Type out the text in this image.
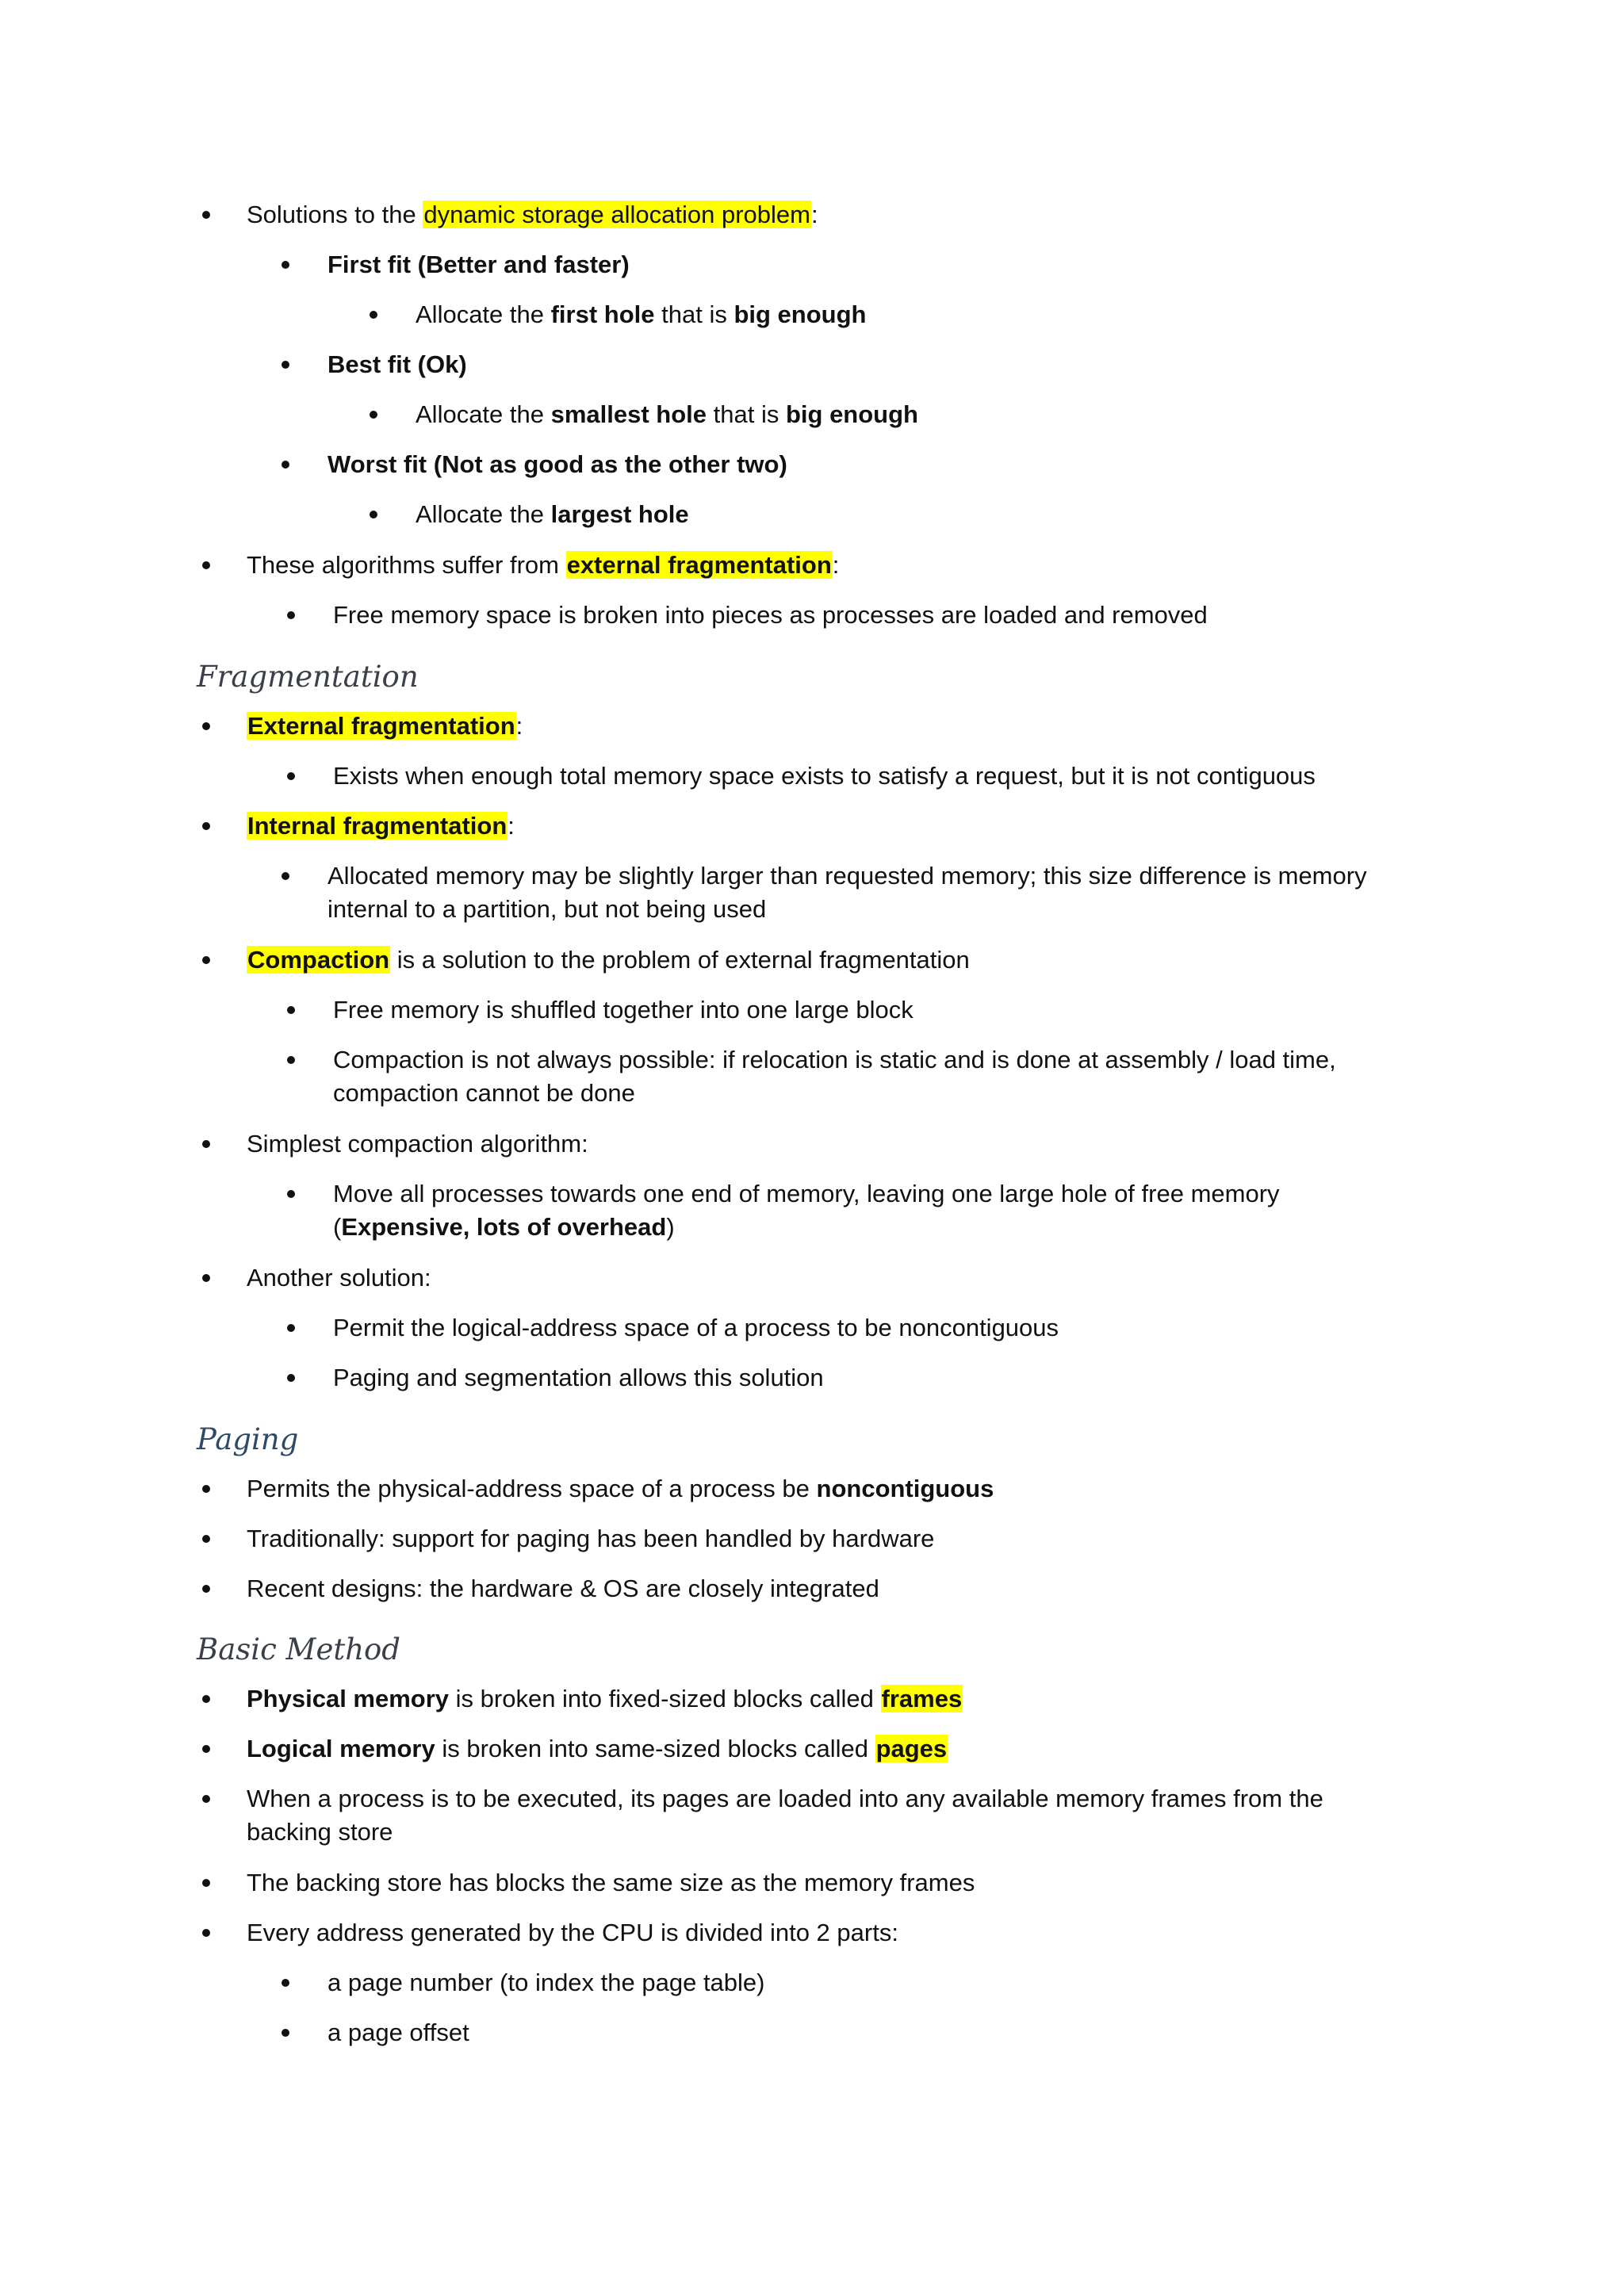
Solutions to the dynamic storage allocation problem:
First fit (Better and faster)
Allocate the first hole that is big enough
Best fit (Ok)
Allocate the smallest hole that is big enough
Worst fit (Not as good as the other two)
Allocate the largest hole
These algorithms suffer from external fragmentation:
Free memory space is broken into pieces as processes are loaded and removed
Fragmentation
External fragmentation:
Exists when enough total memory space exists to satisfy a request, but it is not contiguous
Internal fragmentation:
Allocated memory may be slightly larger than requested memory; this size difference is memory
internal to a partition, but not being used
Compaction is a solution to the problem of external fragmentation
Free memory is shuffled together into one large block
Compaction is not always possible: if relocation is static and is done at assembly / load time,
compaction cannot be done
Simplest compaction algorithm:
Move all processes towards one end of memory, leaving one large hole of free memory
(Expensive, lots of overhead)
Another solution:
Permit the logical-address space of a process to be noncontiguous
Paging and segmentation allows this solution
Paging
Permits the physical-address space of a process be noncontiguous
Traditionally: support for paging has been handled by hardware
Recent designs: the hardware & OS are closely integrated
Basic Method
Physical memory is broken into fixed-sized blocks called frames
Logical memory is broken into same-sized blocks called pages
When a process is to be executed, its pages are loaded into any available memory frames from the
backing store
The backing store has blocks the same size as the memory frames
Every address generated by the CPU is divided into 2 parts:
a page number (to index the page table)
a page offset
